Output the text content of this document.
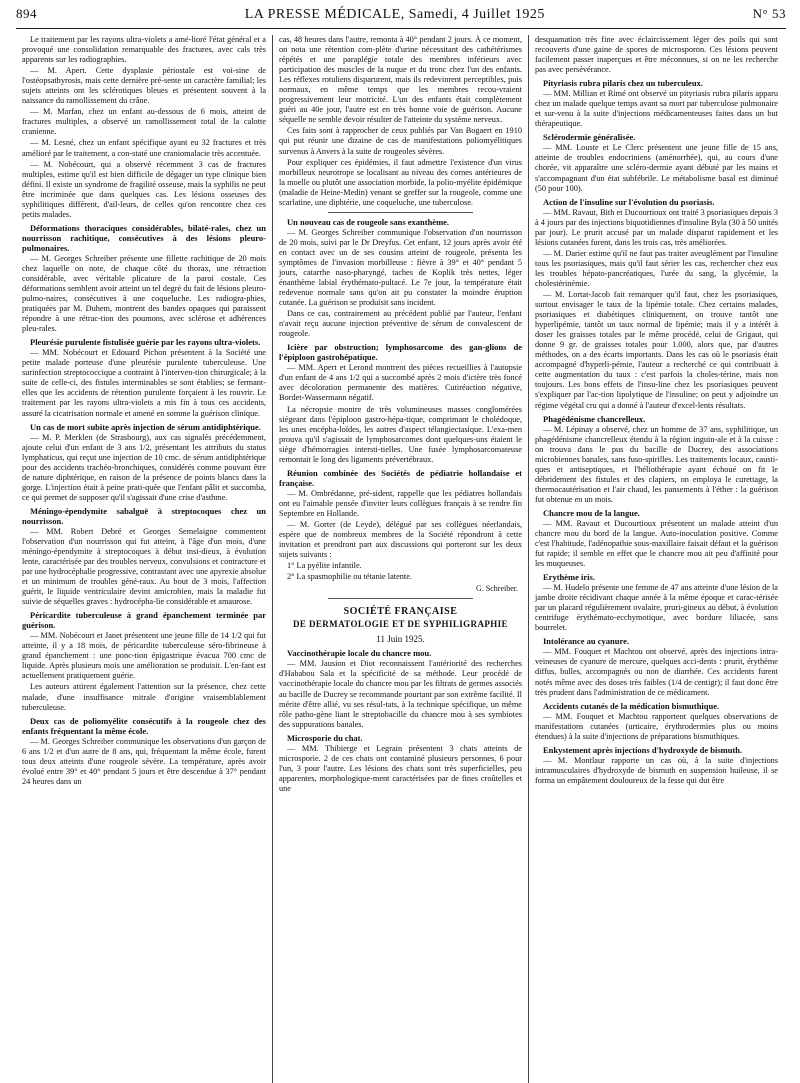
894	LA PRESSE MÉDICALE, Samedi, 4 Juillet 1925	N° 53

Le traitement par les rayons ultra-violets a amé-lioré l'état général et a provoqué une consolidation remarquable des fractures, avec cals très apparents sur les radiographies.

— M. Apert. Cette dysplasie périostale est voi-sine de l'ostéopsathyrosis, mais cette dernière pré-sente un caractère familial; les sujets atteints ont les sclérotiques bleues et présentent souvent à la naissance du ramollissement du crâne.

— M. Marfan, chez un enfant au-dessous de 6 mois, atteint de fractures multiples, a observé un ramollissement total de la calotte cranienne.

— M. Lesné, chez un enfant spécifique ayant eu 32 fractures et très amélioré par le traitement, a con-staté une craniomalacie très accentuée.

— M. Nobécourt, qui a observé récemment 3 cas de fractures multiples, estime qu'il est bien difficile de dégager un type clinique bien défini. Il existe un syndrome de fragilité osseuse, mais la syphilis ne peut être incriminée que dans quelques cas. Les lésions osseuses des syphilitiques diffèrent, d'ail-leurs, de celles qu'on rencontre chez ces petits malades.

Déformations thoraciques considérables, bilaté-rales, chez un nourrisson rachitique, consécutives à des lésions pleuro-pulmonaires.

— M. Georges Schreiber présente une fillette rachitique de 20 mois chez laquelle on note, de chaque côté du thorax, une rétraction considérable, avec véritable plicature de la paroi costale. Ces déformations semblent avoir atteint un tel degré du fait de lésions pleuro-pulmo-naires, consécutives à une coqueluche. Les radiogra-phies, pratiquées par M. Duhem, montrent des bandes opaques qui paraissent répondre à une rétrac-tion des poumons, avec sclérose et adhérences pleu-rales.

Pleurésie purulente fistulisée guérie par les rayons ultra-violets.

— MM. Nobécourt et Edouard Pichon présentent à la Société une petite malade porteuse d'une pleurésie purulente tuberculeuse. Une surinfection streptococcique a contraint à l'interven-tion chirurgicale; à la suite de celle-ci, des fistules interminables se sont établies; se fermant-elles que les accidents de rétention purulente forçaient à les rouvrir. Le traitement par les rayons ultra-violets a mis fin à tous ces accidents, assuré la cicatrisation normale et amené en somme la guérison clinique.

Un cas de mort subite après injection de sérum antidiphtérique.

— M. P. Merklen (de Strasbourg), aux cas signalés précédemment, ajoute celui d'un enfant de 3 ans 1/2, présentant les attributs du status lymphaticus, qui reçut une injection de 10 cmc. de sérum antidiphtérique pour des accidents trachéo-bronchiques, considérés comme pouvant être de nature diphtérique, en raison de la présence de points blancs dans la gorge. L'injection était à peine prati-quée que l'enfant pâlit et succomba, ce qui permet de supposer qu'il s'agissait d'une crise d'asthme.

Méningo-épendymite sabalguë à streptocoques chez un nourrisson.

— MM. Robert Debré et Georges Semelaigne commentent l'observation d'un nourrisson qui fut atteint, à l'âge d'un mois, d'une méningo-épendymite à streptocoques à début insi-dieux, à évolution lente, caractérisée par des troubles nerveux, convulsions et contracture et par une hydrocéphalie progressive, contrastant avec une apyrexie absolue et un minimum de troubles géné-raux. Au bout de 3 mois, l'affection guérit, le liquide ventriculaire devint amicrobien, mais la maladie fut suivie de séquelles graves : hydrocépha-lie considérable et amaurose.

Péricardite tuberculeuse à grand épanchement terminée par guérison.

— MM. Nobécourt et Janet présentent une jeune fille de 14 1/2 qui fut atteinte, il y a 18 mois, de péricardite tuberculeuse séro-fibrineuse à grand épanchement : une ponc-tion épigastrique évacua 700 cmc de liquide. Après plusieurs mois une amélioration se produisit. L'en-fant est actuellement pratiquement guérie.

Les auteurs attirent également l'attention sur la présence, chez cette malade, d'une insuffisance mitrale d'origine vraisemblablement tuberculeuse.

Deux cas de poliomyélite consécutifs à la rougeole chez des enfants fréquentant la même école.

— M. Georges Schreiber communique les observations d'un garçon de 6 ans 1/2 et d'un autre de 8 ans, qui, fréquentant la même école, furent tous deux atteints d'une rougeole sévère. La température, après avoir évolué entre 39° et 40° pendant 5 jours et être descendue à 37° pendant 24 heures dans un

cas, 48 heures dans l'autre, remonta à 40° pendant 2 jours. À ce moment, on nota une rétention com-plète d'urine nécessitant des cathétérismes répétés et une paraplégie totale des membres inférieurs avec participation des muscles de la nuque et du tronc chez l'un des enfants. Les réflexes rotuliens disparurent, mais ils redevinrent perceptibles, puis normaux, en même temps que les membres recou-vraient progressivement leur motricité. L'un des enfants était complètement guéri au 40e jour, l'autre est en très bonne voie de guérison. Aucune séquelle ne semble devoir résulter de l'atteinte du système nerveux.

Ces faits sont à rapprocher de ceux publiés par Van Bogaert en 1910 qui put réunir une dizaine de cas de manifestations poliomyélitiques survenus à Anvers à la suite de rougeoles sévères.

Pour expliquer ces épidémies, il faut admettre l'existence d'un virus morbilleux neurotrope se localisant au niveau des cornes antérieures de la moelle ou plutôt une association morbide, la polio-myélite épidémique (maladie de Heine-Medin) venant se greffer sur la rougeole, comme une scarlatine, une diphtérie, une coqueluche, une tuberculose.

Un nouveau cas de rougeole sans exanthème.

— M. Georges Schreiber communique l'observation d'un nourrisson de 20 mois, suivi par le Dr Dreyfus. Cet enfant, 12 jours après avoir été en contact avec un de ses cousins atteint de rougeole, présenta les symptômes de l'invasion morbilleuse : fièvre à 39° et 40° pendant 5 jours, catarrhe naso-pharyngé, taches de Koplik très nettes, léger énanthème labial érythémato-pultacé. Le 7e jour, la température était redevenue normale sans qu'on ait pu constater la moindre éruption cutanée. La guérison se produisit sans incident.

Dans ce cas, contrairement au précédent publié par l'auteur, l'enfant n'avait reçu aucune injection préventive de sérum de convalescent de rougeole.

Icière par obstruction; lymphosarcome des gan-glions de l'épiploon gastrohépatique.

— MM. Apert et Lerond montrent des pièces recueillies à l'autopsie d'un enfant de 4 ans 1/2 qui a succombé après 2 mois d'ictère très foncé avec décoloration permanente des matières. Cutiréaction négative, Bordet-Wassermann négatif.

La nécropsie montre de très volumineuses masses conglomérées siégeant dans l'épiploon gastro-hépa-tique, comprimant le cholédoque, les unes encépha-loïdes, les autres d'aspect télangiectasique. L'exa-men prouva qu'il s'agissait de lymphosarcomes dont quelques-uns étaient le siège d'hémorragies intersti-tielles. Une fusée lymphosarcomateuse remontait le long des ligaments prévertébraux.

Réunion combinée des Sociétés de pédiatrie hollandaise et française.

— M. Ombrédanne, pré-sident, rappelle que les pédiatres hollandais ont eu l'aimable pensée d'inviter leurs collègues français à se rendre fin Septembre en Hollande.

— M. Gorter (de Leyde), délégué par ses collègues néerlandais, espère que de nombreux membres de la Société répondront à cette invitation et prendront part aux discussions qui porteront sur les deux sujets suivants :

1° La pyélite infantile.

2° La spasmophilie ou tétanie latente.

G. Schreiber.
SOCIÉTÉ FRANÇAISE
DE DERMATOLOGIE ET DE SYPHILIGRAPHIE
11 Juin 1925.
Vaccinothérapie locale du chancre mou.

— MM. Jausion et Diot reconnaissent l'antériorité des recherches d'Hababou Sala et la spécificité de sa méthode. Leur procédé de vaccinothérapie locale du chancre mou par les filtrats de germes associés au bacille de Ducrey se recommande pourtant par son extrême facilité. Il mérite d'être allié, vu ses résul-tats, à la technique spécifique, un même rôle patho-gène liant le streptobacille du chancre mou à ses symbiotes des suppurations banales.

Microsporie du chat.

— MM. Thibierge et Legrain présentent 3 chats atteints de microsporie. 2 de ces chats ont contaminé plusieurs personnes, 6 pour l'un, 3 pour l'autre. Les lésions des chats sont très superficielles, peu apparentes, morphologique-ment caractérisées par de fines croûtelles et une

desquamation très fine avec éclaircissement léger des poils qui sont recouverts d'une gaine de spores de microsporon. Ces lésions peuvent facilement passer inaperçues et être méconnues, si on ne les recherche pas avec persévérance.

Pityriasis rubra pilaris chez un tuberculeux.

— MM. Millian et Rimé ont observé un pityriasis rubra pilaris apparu chez un malade quelque temps avant sa mort par tuberculose pulmonaire et sur-venu à la suite d'injections médicamenteuses faites dans un but thérapeutique.

Sclérodermie généralisée.

— MM. Louste et Le Clerc présentent une jeune fille de 15 ans, atteinte de troubles endocriniens (aménorrhée), qui, au cours d'une chorée, vit apparaître une scléro-dermie ayant débuté par les mains et s'accompagnant d'un état subfébrile. Le métabolisme basal est diminué (50 pour 100).

Action de l'insuline sur l'évolution du psoriasis.

— MM. Ravaut, Bith et Ducourtioux ont traité 3 psoriasiques depuis 3 à 4 jours par des injections biquotidiennes d'insuline Byla (30 à 50 unités par jour). Le prurit accusé par un malade disparut rapidement et les lésions cutanées furent, dans les trois cas, très améliorées.

— M. Darier estime qu'il ne faut pas traiter aveuglément par l'insuline tous les psoriasiques, mais qu'il faut sérier les cas, rechercher chez eux les troubles hépato-pancréatiques, l'urée du sang, la glycémie, la cholestérinémie.

— M. Lortat-Jacob fait remarquer qu'il faut, chez les psoriasiques, surtout envisager le taux de la lipémie totale. Chez certains malades, psoriasiques et diabétiques cliniquement, on trouve tantôt une hyperlipémie, tantôt un taux normal de lipémie; mais il y a intérêt à doser les graisses totales par le même procédé, celui de Grigaut, qui donne 9 gr. de graisses totales pour 1.000, alors que, par d'autres méthodes, on a des écarts importants. Dans les cas où le psoriasis était accompagné d'hyperli-pémie, l'auteur a recherché ce qui contribuait à cette augmentation du taux : c'est parfois la choles-térine, mais non toujours. Les bons effets de l'insu-line chez les psoriasiques peuvent s'expliquer par l'ac-tion lipolytique de l'insuline; on peut y adjoindre un régime végétal cru qui a donné à l'auteur d'excel-lents résultats.

Phagédénisme chancrelleux.

— M. Lépinay a observé, chez un homme de 37 ans, syphilitique, un phagédénisme chancrelleux étendu à la région inguin-ale et à la cuisse : on trouva dans le pus du bacille de Ducrey, des associations microbiennes banales, sans fuso-spirilles. Les traitements locaux, causti-ques et antiseptiques, et l'héliothérapie ayant échoué on fit le débridement des fistules et des clapiers, on employa le curettage, la thermocautérisation et l'air chaud, les pansements à l'éther : la guérison fut obtenue en un mois.

Chancre mou de la langue.

— MM. Ravaut et Ducourtioux présentent un malade atteint d'un chancre mou du bord de la langue. Auto-inoculation positive. Comme c'est l'habitude, l'adénopathie sous-maxillaire faisait défaut et la guérison fut rapide; il semble en effet que le chancre mou ait peu d'affinité pour les muqueuses.

Erythème iris.

— M. Hudelo présente une femme de 47 ans atteinte d'une lésion de la jambe droite récidivant chaque année à la même époque et carac-térisée par un placard régulièrement ovalaire, pruri-gineux au début, à évolution centrifuge érythémato-ecchymotique, avec bordure liliacée, sans bourrelet.

Intolérance au cyanure.

— MM. Fouquet et Machtou ont observé, après des injections intra-veineuses de cyanure de mercure, quelques acci-dents : prurit, érythème diffus, bulles, accompagnés ou non de diarrhée. Ces accidents furent notés même avec des doses très faibles (1/4 de centigr); il faut donc être très prudent dans l'administration de ce médicament.

Accidents cutanés de la médication bismuthique.

— MM. Fouquet et Machtou rapportent quelques observations de manifestations cutanées (urticaire, érythrodermies plus ou moins étendues) à la suite d'injections de préparations bismuthiques.

Enkystement après injections d'hydroxyde de bismuth.

— M. Montlaur rapporte un cas où, à la suite d'injections intramusculaires d'hydroxyde de bismuth en suspension huileuse, il se forma un empâtement douloureux de la fesse qui dut être
